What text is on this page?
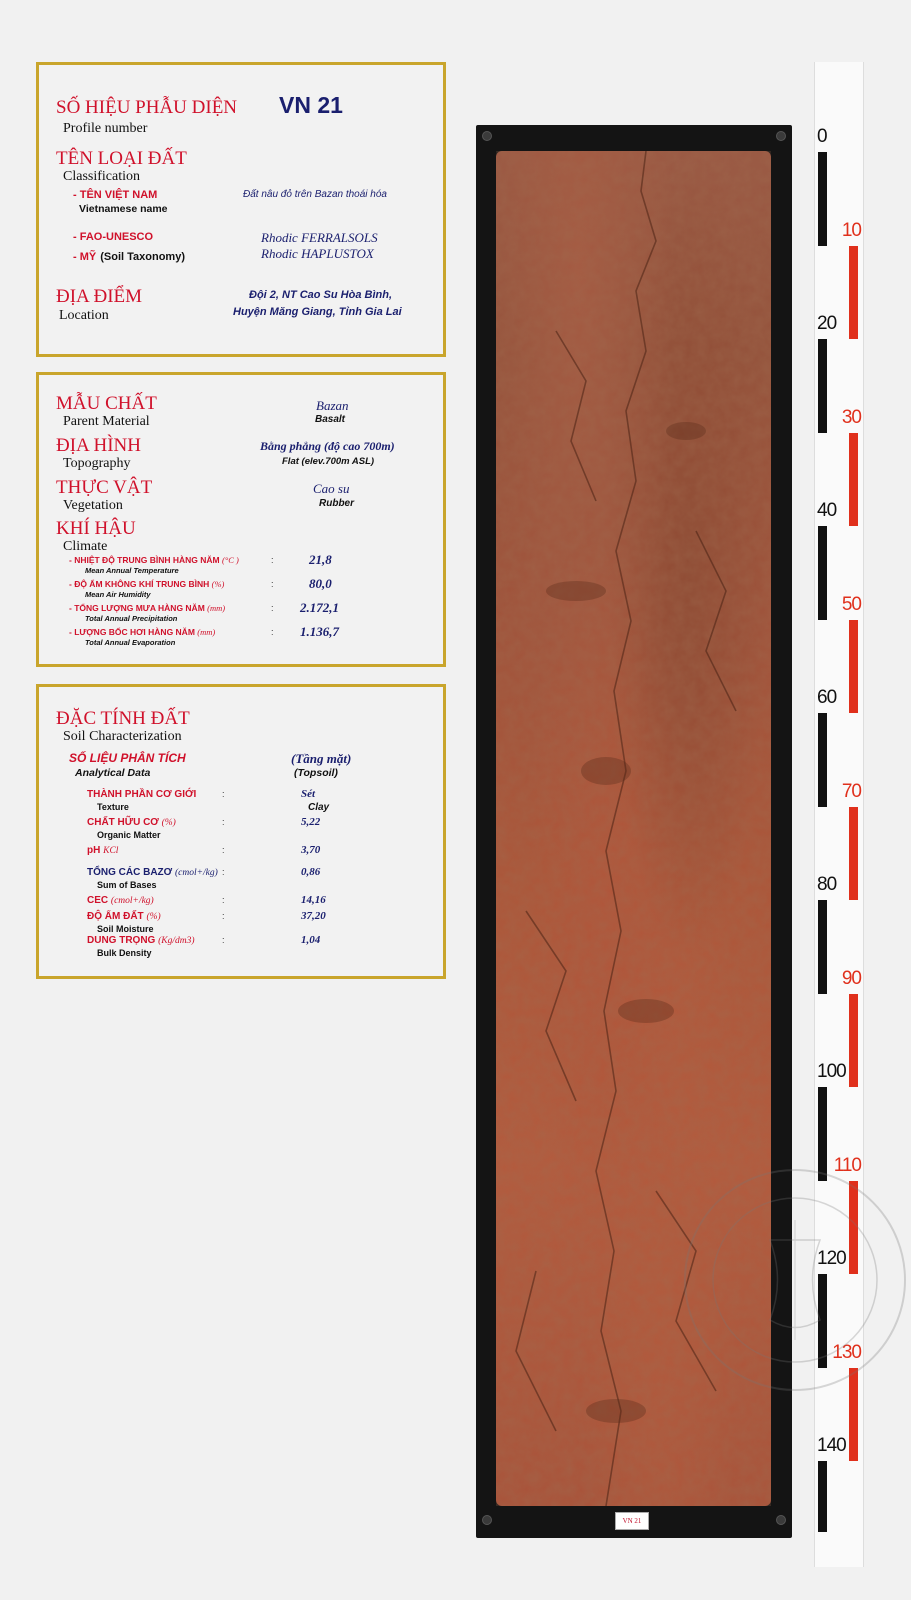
SỐ HIỆU PHẪU DIỆN VN 21
Profile number
TÊN LOẠI ĐẤT
Classification
- TÊN VIỆT NAM
Vietnamese name
Đất nâu đỏ trên Bazan thoái hóa
- FAO-UNESCO	Rhodic FERRALSOLS
- MỸ (Soil Taxonomy)	Rhodic HAPLUSTOX
ĐỊA ĐIỂM
Location
Đội 2, NT Cao Su Hòa Bình,
Huyện Măng Giang, Tỉnh Gia Lai
MẪU CHẤT
Parent Material
Bazan
Basalt
ĐỊA HÌNH
Topography
Bằng phẳng (độ cao 700m)
Flat (elev.700m ASL)
THỰC VẬT
Vegetation
Cao su
Rubber
KHÍ HẬU
Climate
- NHIỆT ĐỘ TRUNG BÌNH HÀNG NĂM (°C )
Mean Annual Temperature
:	21,8
- ĐỘ ẨM KHÔNG KHÍ TRUNG BÌNH (%)
Mean Air Humidity
:	80,0
- TỔNG LƯỢNG MƯA HÀNG NĂM (mm)
Total Annual Precipitation
: 2.172,1
- LƯỢNG BỐC HƠI HÀNG NĂM (mm)
Total Annual Evaporation
: 1.136,7
ĐẶC TÍNH ĐẤT
Soil Characterization
SỐ LIỆU PHÂN TÍCH
Analytical Data
(Tầng mặt)
(Topsoil)
THÀNH PHẦN CƠ GIỚI	:	Sét
Texture	Clay
CHẤT HỮU CƠ (%)	:	5,22
Organic Matter
pH KCl	:	3,70
TỔNG CÁC BAZƠ (cmol+/kg) :	0,86
Sum of Bases
CEC (cmol+/kg)	:	14,16
ĐỘ ẨM ĐẤT (%)	:	37,20
Soil Moisture
DUNG TRỌNG (Kg/dm3)	:	1,04
Bulk Density
VN 21
0
10
20
30
40
50
60
70
80
90
100
110
120
130
140
